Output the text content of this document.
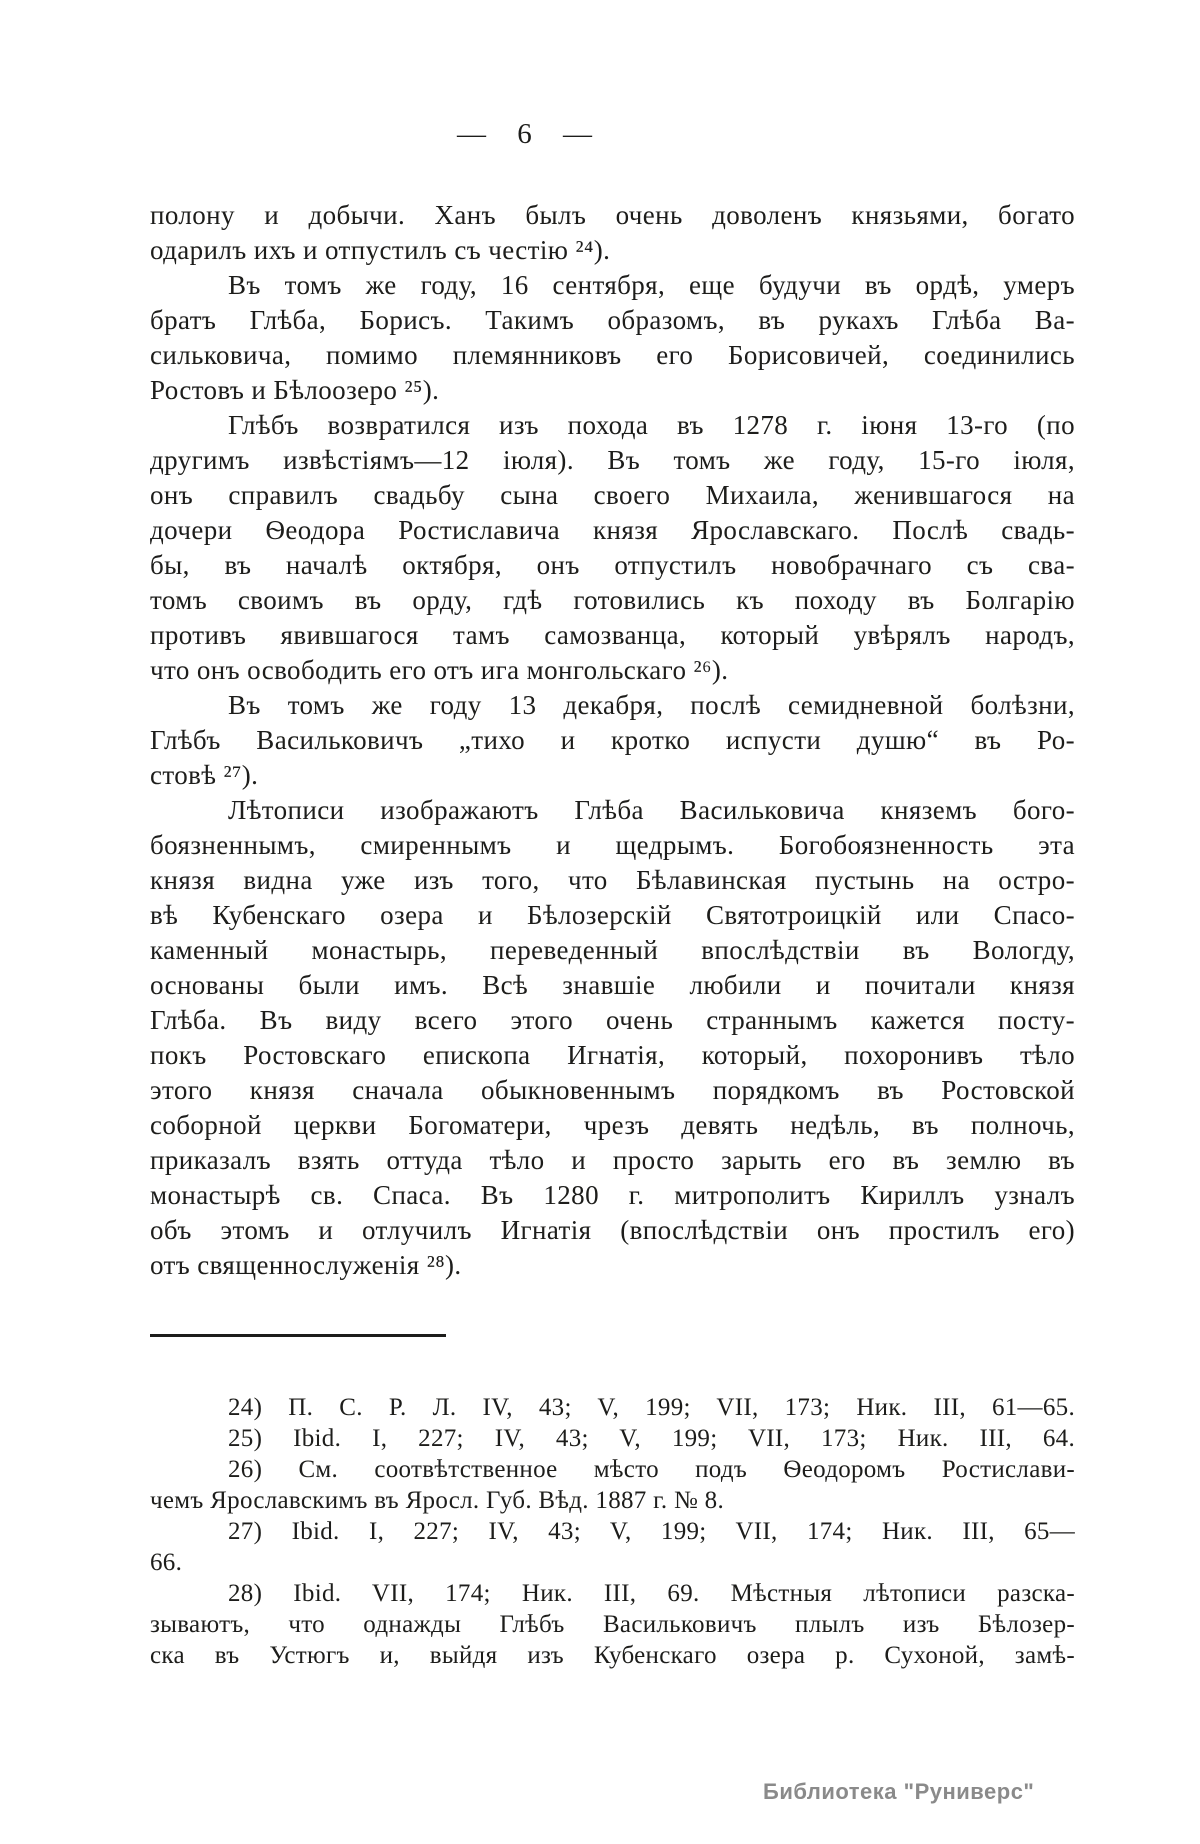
— 6 —
полону и добычи. Ханъ былъ очень доволенъ князьями, богато
одарилъ ихъ и отпустилъ съ честію ²⁴).
Въ томъ же году, 16 сентября, еще будучи въ ордѣ, умеръ
братъ Глѣба, Борисъ. Такимъ образомъ, въ рукахъ Глѣба Ва-
сильковича, помимо племянниковъ его Борисовичей, соединились
Ростовъ и Бѣлоозеро ²⁵).
Глѣбъ возвратился изъ похода въ 1278 г. іюня 13-го (по
другимъ извѣстіямъ—12 іюля). Въ томъ же году, 15-го іюля,
онъ справилъ свадьбу сына своего Михаила, женившагося на
дочери Ѳеодора Ростиславича князя Ярославскаго. Послѣ свадь-
бы, въ началѣ октября, онъ отпустилъ новобрачнаго съ сва-
томъ своимъ въ орду, гдѣ готовились къ походу въ Болгарію
противъ явившагося тамъ самозванца, который увѣрялъ народъ,
что онъ освободить его отъ ига монгольскаго ²⁶).
Въ томъ же году 13 декабря, послѣ семидневной болѣзни,
Глѣбъ Васильковичъ „тихо и кротко испусти душю“ въ Ро-
стовѣ ²⁷).
Лѣтописи изображаютъ Глѣба Васильковича княземъ бого-
боязненнымъ, смиреннымъ и щедрымъ. Богобоязненность эта
князя видна уже изъ того, что Бѣлавинская пустынь на остро-
вѣ Кубенскаго озера и Бѣлозерскій Святотроицкій или Спасо-
каменный монастырь, переведенный впослѣдствіи въ Вологду,
основаны были имъ. Всѣ знавшіе любили и почитали князя
Глѣба. Въ виду всего этого очень страннымъ кажется посту-
покъ Ростовскаго епископа Игнатія, который, похоронивъ тѣло
этого князя сначала обыкновеннымъ порядкомъ въ Ростовской
соборной церкви Богоматери, чрезъ девять недѣль, въ полночь,
приказалъ взять оттуда тѣло и просто зарыть его въ землю въ
монастырѣ св. Спаса. Въ 1280 г. митрополитъ Кириллъ узналъ
объ этомъ и отлучилъ Игнатія (впослѣдствіи онъ простилъ его)
отъ священнослуженія ²⁸).
24) П. С. Р. Л. IV, 43; V, 199; VII, 173; Ник. III, 61—65.
25) Ibid. I, 227; IV, 43; V, 199; VII, 173; Ник. III, 64.
26) См. соотвѣтственное мѣсто подъ Ѳеодоромъ Ростислави-
чемъ Ярославскимъ въ Яросл. Губ. Вѣд. 1887 г. № 8.
27) Ibid. I, 227; IV, 43; V, 199; VII, 174; Ник. III, 65—
66.
28) Ibid. VII, 174; Ник. III, 69. Мѣстныя лѣтописи разска-
зываютъ, что однажды Глѣбъ Васильковичъ плылъ изъ Бѣлозер-
ска въ Устюгъ и, выйдя изъ Кубенскаго озера р. Сухоной, замѣ-
Библиотека "Руниверс"
